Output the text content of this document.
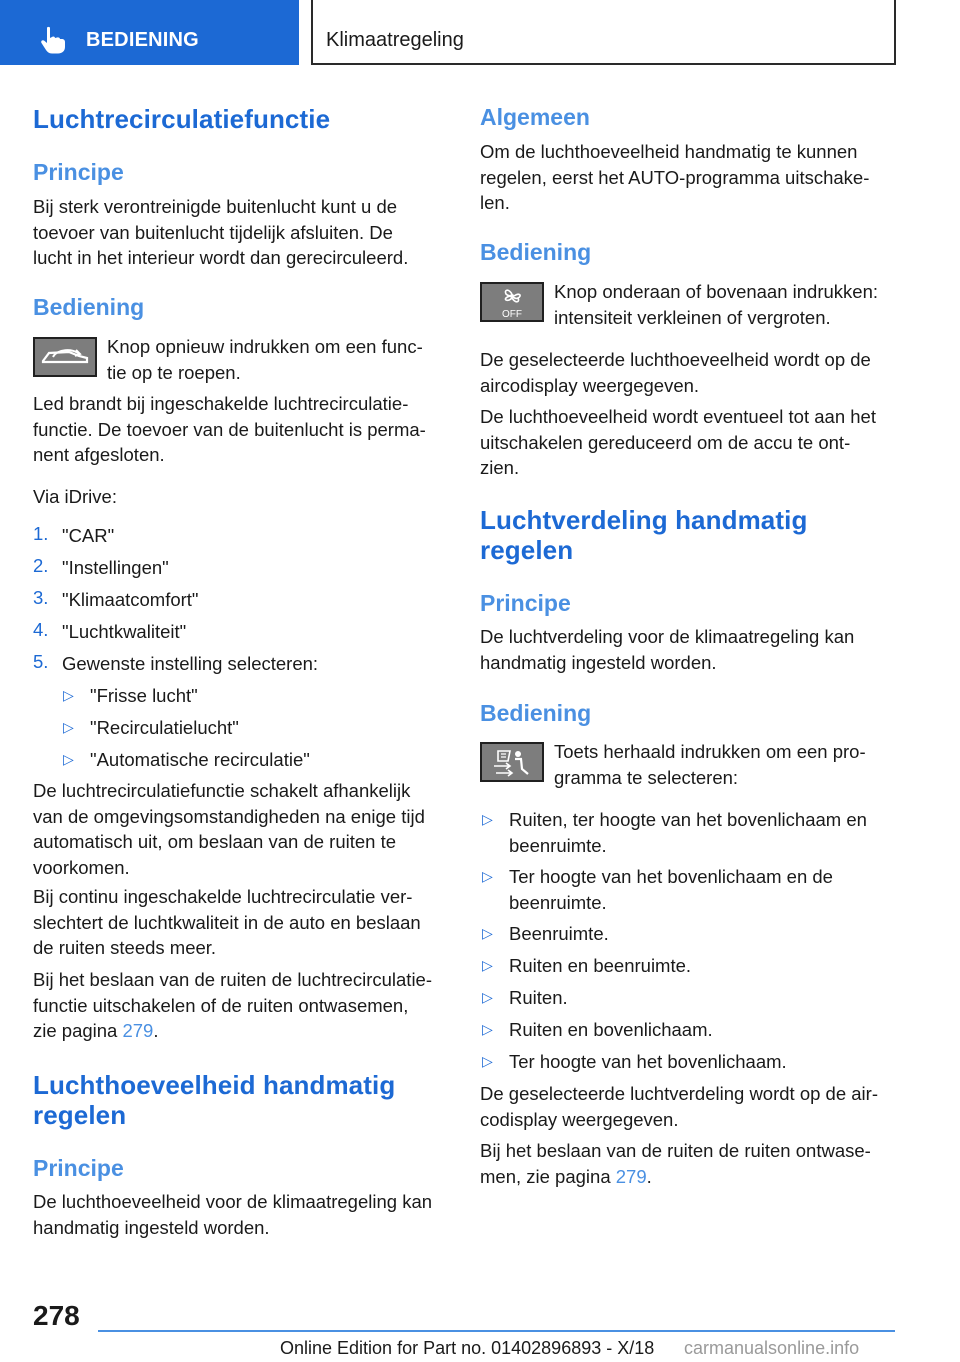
BEDIENING	Klimaatregeling
Luchtrecirculatiefunctie
Principe
Bij sterk verontreinigde buitenlucht kunt u de
toevoer van buitenlucht tijdelijk afsluiten. De
lucht in het interieur wordt dan gerecirculeerd.
Bediening
Knop opnieuw indrukken om een func‐
tie op te roepen.
Led brandt bij ingeschakelde luchtrecirculatie‐
functie. De toevoer van de buitenlucht is perma‐
nent afgesloten.
Via iDrive:
1. "CAR"
2. "Instellingen"
3. "Klimaatcomfort"
4. "Luchtkwaliteit"
5. Gewenste instelling selecteren:
▷ "Frisse lucht"
▷ "Recirculatielucht"
▷ "Automatische recirculatie"
De luchtrecirculatiefunctie schakelt afhankelijk
van de omgevingsomstandigheden na enige tijd
automatisch uit, om beslaan van de ruiten te
voorkomen.
Bij continu ingeschakelde luchtrecirculatie ver‐
slechtert de luchtkwaliteit in de auto en beslaan
de ruiten steeds meer.
Bij het beslaan van de ruiten de luchtrecirculatie‐
functie uitschakelen of de ruiten ontwasemen,
zie pagina 279.
Luchthoeveelheid handmatig
regelen
Principe
De luchthoeveelheid voor de klimaatregeling kan
handmatig ingesteld worden.
Algemeen
Om de luchthoeveelheid handmatig te kunnen
regelen, eerst het AUTO-programma uitschake‐
len.
Bediening
OFF
Knop onderaan of bovenaan indrukken:
intensiteit verkleinen of vergroten.
De geselecteerde luchthoeveelheid wordt op de
aircodisplay weergegeven.
De luchthoeveelheid wordt eventueel tot aan het
uitschakelen gereduceerd om de accu te ont‐
zien.
Luchtverdeling handmatig
regelen
Principe
De luchtverdeling voor de klimaatregeling kan
handmatig ingesteld worden.
Bediening
Toets herhaald indrukken om een pro‐
gramma te selecteren:
▷ Ruiten, ter hoogte van het bovenlichaam en
beenruimte.
▷ Ter hoogte van het bovenlichaam en de
beenruimte.
▷ Beenruimte.
▷ Ruiten en beenruimte.
▷ Ruiten.
▷ Ruiten en bovenlichaam.
▷ Ter hoogte van het bovenlichaam.
De geselecteerde luchtverdeling wordt op de air‐
codisplay weergegeven.
Bij het beslaan van de ruiten de ruiten ontwase‐
men, zie pagina 279.
278
Online Edition for Part no. 01402896893 - X/18 carmanualsonline.info
